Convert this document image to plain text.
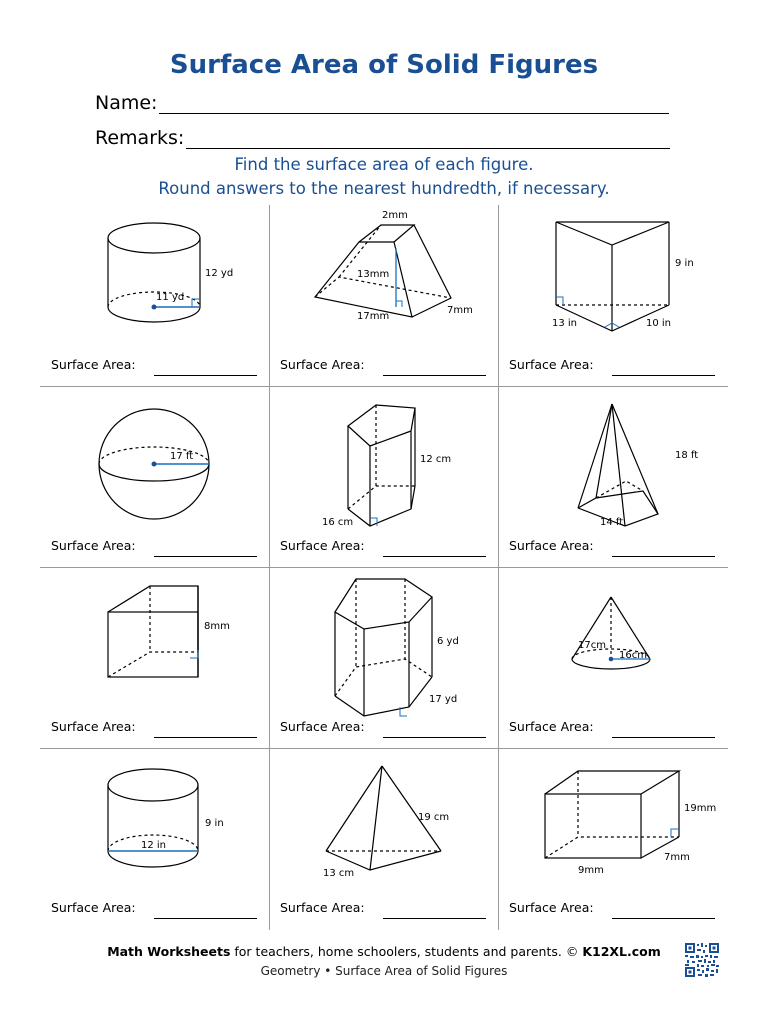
Surface Area of Solid Figures
Name:
Remarks:
Find the surface area of each figure.
Round answers to the nearest hundredth, if necessary.
12 yd
11 yd
Surface Area:
2mm
13mm
17mm
7mm
Surface Area:
9 in
13 in	10 in
Surface Area:
17 ft
Surface Area:
12 cm
16 cm
Surface Area:
18 ft
14 ft
Surface Area:
8mm
Surface Area:
6 yd
17 yd
Surface Area:
17cm
16cm
Surface Area:
9 in
12 in
Surface Area:
19 cm
13 cm
Surface Area:
19mm
7mm
9mm
Surface Area:
Math Worksheets for teachers, home schoolers, students and parents. © K12XL.com
Geometry • Surface Area of Solid Figures
